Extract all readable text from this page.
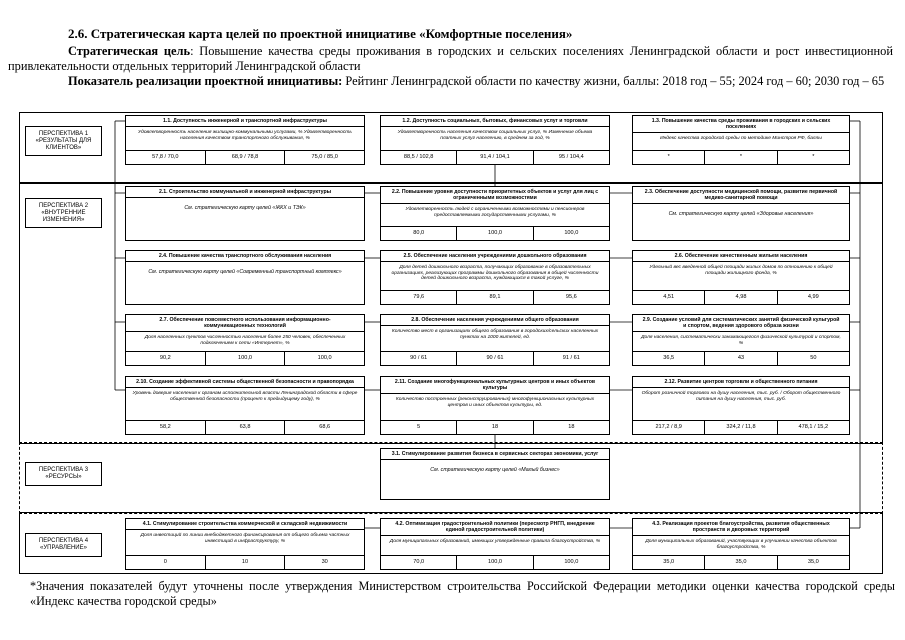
2.6. Стратегическая карта целей по проектной инициативе «Комфортные поселения»
Стратегическая цель: Повышение качества среды проживания в городских и сельских поселениях Ленинградской области и рост инвестиционной привлекательности отдельных территорий Ленинградской области
Показатель реализации проектной инициативы: Рейтинг Ленинградской области по качеству жизни, баллы: 2018 год – 55; 2024 год – 60; 2030 год – 65
ПЕРСПЕКТИВА 1 «РЕЗУЛЬТАТЫ ДЛЯ КЛИЕНТОВ»
ПЕРСПЕКТИВА 2 «ВНУТРЕННИЕ ИЗМЕНЕНИЯ»
ПЕРСПЕКТИВА 3 «РЕСУРСЫ»
ПЕРСПЕКТИВА 4 «УПРАВЛЕНИЕ»
1.1. Доступность инженерной и транспортной инфраструктуры
Удовлетворенность населения жилищно-коммунальными услугами, % Удовлетворенность населения качеством транспортного обслуживания, %
57,8 / 70,0	68,9 / 78,8	75,0 / 85,0
1.2. Доступность социальных, бытовых, финансовых услуг и торговли
Удовлетворенность населения качеством социальных услуг, % Изменение объема платных услуг населению, в среднем за год, %
88,5 / 102,8	91,4 / 104,1	95 / 104,4
1.3. Повышение качества среды проживания в городских и сельских поселениях
Индекс качества городской среды по методике Минстроя РФ, баллы
*	*	*
2.1. Строительство коммунальной и инженерной инфраструктуры
См. стратегическую карту целей «ЖКХ и ТЭК»
2.2. Повышение уровня доступности приоритетных объектов и услуг для лиц с ограниченными возможностями
Удовлетворенность людей с ограниченными возможностями и пенсионеров предоставляемыми государственными услугами, %
80,0	100,0	100,0
2.3. Обеспечение доступности медицинской помощи, развитие первичной медико-санитарной помощи
См. стратегическую карту целей «Здоровье населения»
2.4. Повышение качества транспортного обслуживания населения
См. стратегическую карту целей «Современный транспортный комплекс»
2.5. Обеспечение населения учреждениями дошкольного образования
Доля детей дошкольного возраста, получающих образование в образовательных организациях, реализующих программы дошкольного образования в общей численности детей дошкольного возраста, нуждающихся в такой услуге, %
79,6	89,1	95,6
2.6. Обеспечение качественным жильем населения
Удельный вес введенной общей площади жилых домов по отношению к общей площади жилищного фонда, %
4,51	4,98	4,99
2.7. Обеспечение повсеместного использования информационно-коммуникационных технологий
Доля населенных пунктов численностью населения более 250 человек, обеспеченных подключением к сети «Интернет», %
90,2	100,0	100,0
2.8. Обеспечение населения учреждениями общего образования
Количество мест в организациях общего образования в городских/сельских населенных пунктах на 1000 жителей, ед.
90 / 61	90 / 61	91 / 61
2.9. Создание условий для систематических занятий физической культурой и спортом, ведения здорового образа жизни
Доля населения, систематически занимающегося физической культурой и спортом, %
36,5	43	50
2.10. Создание эффективной системы общественной безопасности и правопорядка
Уровень доверия населения к органам исполнительной власти Ленинградской области в сфере общественной безопасности (процент к предыдущему году), %
58,2	63,8	68,6
2.11. Создание многофункциональных культурных центров и иных объектов культуры
Количество построенных (реконструированных) многофункциональных культурных центров и иных объектов культуры, ед.
5	18	18
2.12. Развитие центров торговли и общественного питания
Оборот розничной торговли на душу населения, тыс. руб. / Оборот общественного питания на душу населения, тыс. руб.
217,2 / 8,9	324,2 / 11,8	478,1 / 15,2
3.1. Стимулирование развития бизнеса в сервисных секторах экономики, услуг
См. стратегическую карту целей «Малый бизнес»
4.1. Стимулирование строительства коммерческой и складской недвижимости
Доля инвестиций по линии внебюджетного финансирования от общего объема частных инвестиций в инфраструктуру, %
0	10	30
4.2. Оптимизация градостроительной политики (пересмотр РНГП, внедрение единой градостроительной политики)
Доля муниципальных образований, имеющих утвержденные правила благоустройства, %
70,0	100,0	100,0
4.3. Реализация проектов благоустройства, развития общественных пространств и дворовых территорий
Доля муниципальных образований, участвующих в улучшении качества объектов благоустройства, %
35,0	35,0	35,0
*Значения показателей будут уточнены после утверждения Министерством строительства Российской Федерации методики оценки качества городской среды «Индекс качества городской среды»
